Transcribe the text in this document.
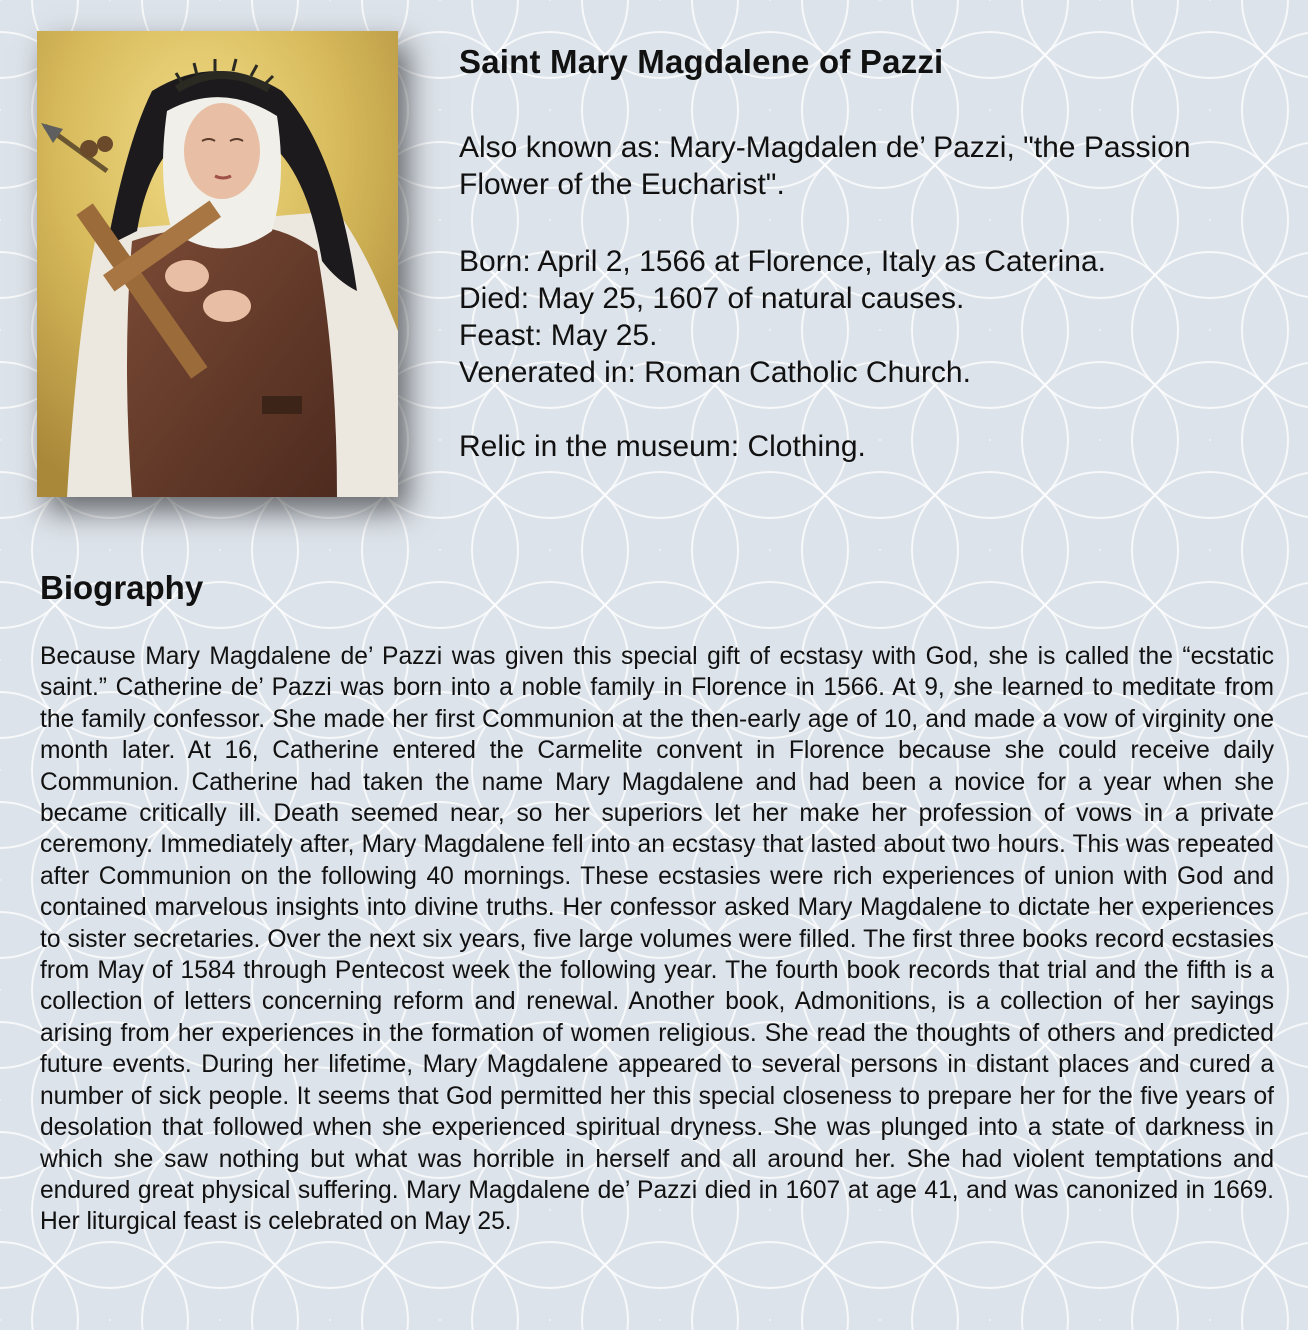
Saint Mary Magdalene of Pazzi
Also known as: Mary-Magdalen de’ Pazzi, "the Passion Flower of the Eucharist".
Born: April 2, 1566 at Florence, Italy as Caterina.
Died: May 25, 1607 of natural causes.
Feast: May 25.
Venerated in: Roman Catholic Church.
Relic in the museum: Clothing.
Biography

Because Mary Magdalene de’ Pazzi was given this special gift of ecstasy with God, she is called the “ecstatic saint.” Catherine de’ Pazzi was born into a noble family in Florence in 1566. At 9, she learned to meditate from the family confessor. She made her first Communion at the then-early age of 10, and made a vow of virginity one month later. At 16, Catherine entered the Carmelite convent in Florence because she could receive daily Communion. Catherine had taken the name Mary Magdalene and had been a novice for a year when she became critically ill. Death seemed near, so her superiors let her make her profession of vows in a private ceremony. Immediately after, Mary Magdalene fell into an ecstasy that lasted about two hours. This was repeated after Communion on the following 40 mornings. These ecstasies were rich experiences of union with God and contained marvelous insights into divine truths. Her confessor asked Mary Magdalene to dictate her experiences to sister secretaries. Over the next six years, five large volumes were filled. The first three books record ecstasies from May of 1584 through Pentecost week the following year. The fourth book records that trial and the fifth is a collection of letters concerning reform and renewal. Another book, Admonitions, is a collection of her sayings arising from her experiences in the formation of women religious. She read the thoughts of others and predicted future events. During her lifetime, Mary Magdalene appeared to several persons in distant places and cured a number of sick people. It seems that God permitted her this special closeness to prepare her for the five years of desolation that followed when she experienced spiritual dryness. She was plunged into a state of darkness in which she saw nothing but what was horrible in herself and all around her. She had violent temptations and endured great physical suffering. Mary Magdalene de’ Pazzi died in 1607 at age 41, and was canonized in 1669. Her liturgical feast is celebrated on May 25.
